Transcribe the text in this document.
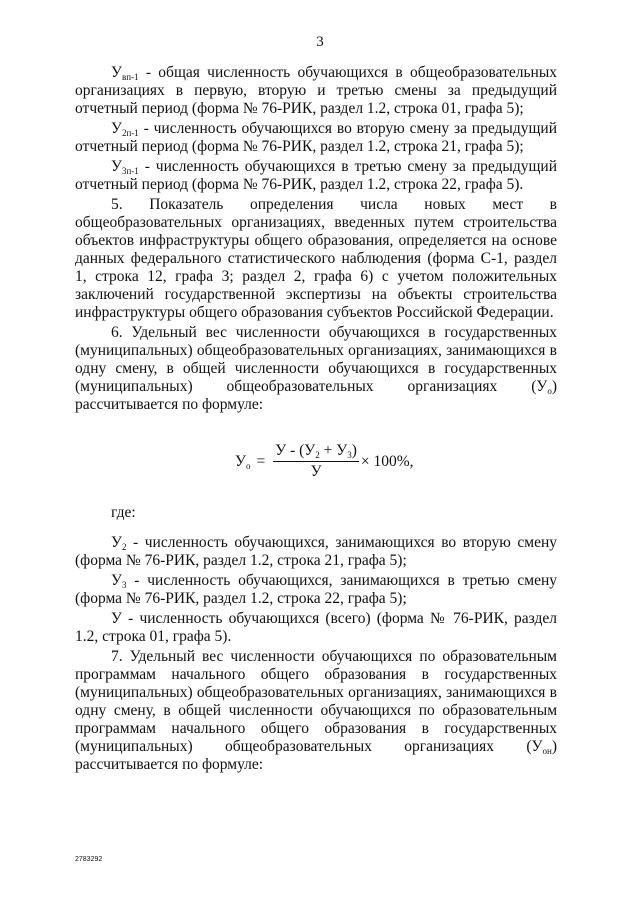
3

$У_{вп-1}$ - общая численность обучающихся в общеобразовательных организациях в первую, вторую и третью смены за предыдущий отчетный период (форма № 76-РИК, раздел 1.2, строка 01, графа 5);

$У_{2п-1}$ - численность обучающихся во вторую смену за предыдущий отчетный период (форма № 76-РИК, раздел 1.2, строка 21, графа 5);

$У_{3п-1}$ - численность обучающихся в третью смену за предыдущий отчетный период (форма № 76-РИК, раздел 1.2, строка 22, графа 5).

5. Показатель определения числа новых мест в общеобразовательных организациях, введенных путем строительства объектов инфраструктуры общего образования, определяется на основе данных федерального статистического наблюдения (форма С-1, раздел 1, строка 12, графа 3; раздел 2, графа 6) с учетом положительных заключений государственной экспертизы на объекты строительства инфраструктуры общего образования субъектов Российской Федерации.

6. Удельный вес численности обучающихся в государственных (муниципальных) общеобразовательных организациях, занимающихся в одну смену, в общей численности обучающихся в государственных (муниципальных) общеобразовательных организациях $(У_о)$ рассчитывается по формуле:

$У_о = \frac{У - (У_2 + У_3)}{У} \times 100\%$,

где:

$У_2$ - численность обучающихся, занимающихся во вторую смену (форма № 76-РИК, раздел 1.2, строка 21, графа 5);

$У_3$ - численность обучающихся, занимающихся в третью смену (форма № 76-РИК, раздел 1.2, строка 22, графа 5);

У - численность обучающихся (всего) (форма № 76-РИК, раздел 1.2, строка 01, графа 5).

7. Удельный вес численности обучающихся по образовательным программам начального общего образования в государственных (муниципальных) общеобразовательных организациях, занимающихся в одну смену, в общей численности обучающихся по образовательным программам начального общего образования в государственных (муниципальных) общеобразовательных организациях $(У_{он})$ рассчитывается по формуле:

2783292
